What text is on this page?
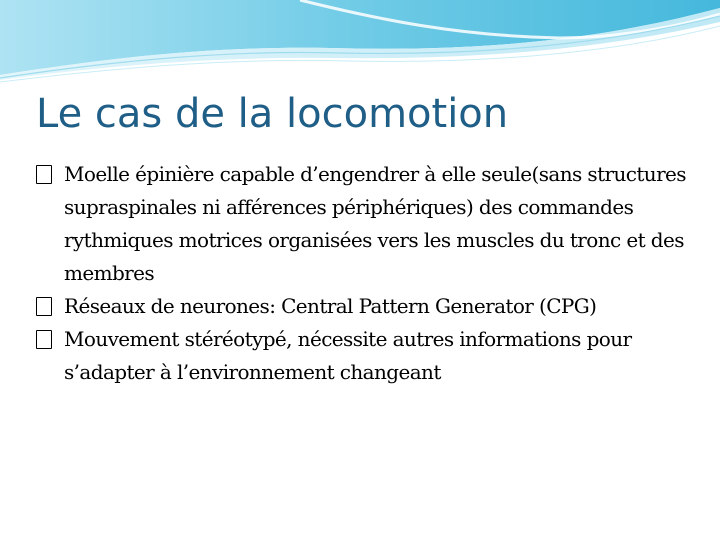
Le cas de la locomotion
Moelle épinière capable d’engendrer à elle seule(sans structures supraspinales ni afférences périphériques) des commandes rythmiques motrices organisées vers les muscles du tronc et des membres
Réseaux de neurones: Central Pattern Generator (CPG)
Mouvement stéréotypé, nécessite autres informations pour s’adapter à l’environnement changeant
